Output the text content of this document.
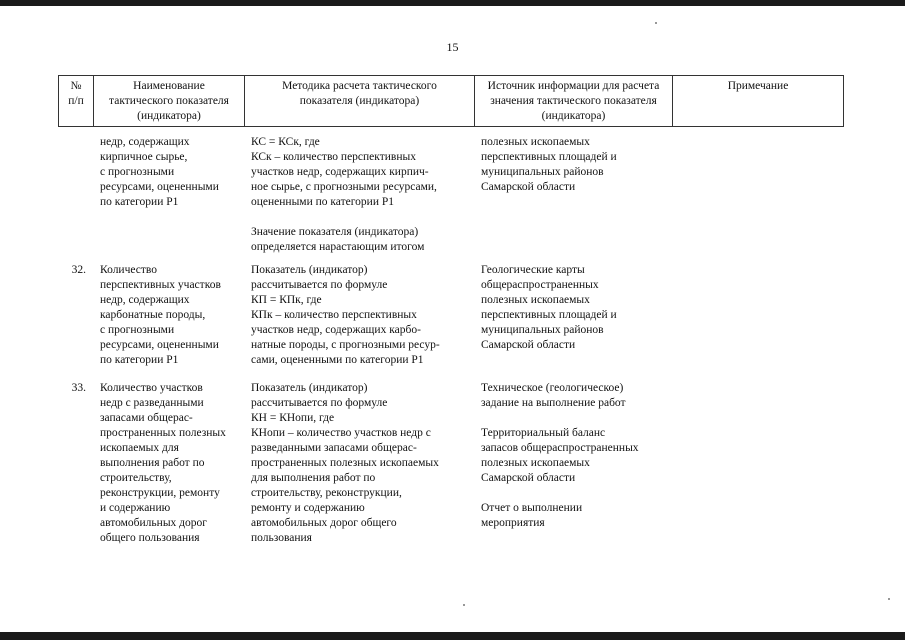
15
№
п/п
Наименование
тактического показателя
(индикатора)
Методика расчета тактического
показателя (индикатора)
Источник информации для расчета
значения тактического показателя
(индикатора)
Примечание
недр, содержащих
кирпичное сырье,
с прогнозными
ресурсами, оцененными
по категории Р1
КС = КСк, где
КСк – количество перспективных
участков недр, содержащих кирпич-
ное сырье, с прогнозными ресурсами,
оцененными по категории Р1

Значение показателя (индикатора)
определяется нарастающим итогом
полезных ископаемых
перспективных площадей и
муниципальных районов
Самарской области
32. Количество
перспективных участков
недр, содержащих
карбонатные породы,
с прогнозными
ресурсами, оцененными
по категории Р1
Показатель (индикатор)
рассчитывается по формуле
КП = КПк, где
КПк – количество перспективных
участков недр, содержащих карбо-
натные породы, с прогнозными ресур-
сами, оцененными по категории Р1
Геологические карты
общераспространенных
полезных ископаемых
перспективных площадей и
муниципальных районов
Самарской области
33. Количество участков
недр с разведанными
запасами общерас-
пространенных полезных
ископаемых для
выполнения работ по
строительству,
реконструкции, ремонту
и содержанию
автомобильных дорог
общего пользования
Показатель (индикатор)
рассчитывается по формуле
КН = КНопи, где
КНопи – количество участков недр с
разведанными запасами общерас-
пространенных полезных ископаемых
для выполнения работ по
строительству, реконструкции,
ремонту и содержанию
автомобильных дорог общего
пользования
Техническое (геологическое)
задание на выполнение работ

Территориальный баланс
запасов общераспространенных
полезных ископаемых
Самарской области

Отчет о выполнении
мероприятия
